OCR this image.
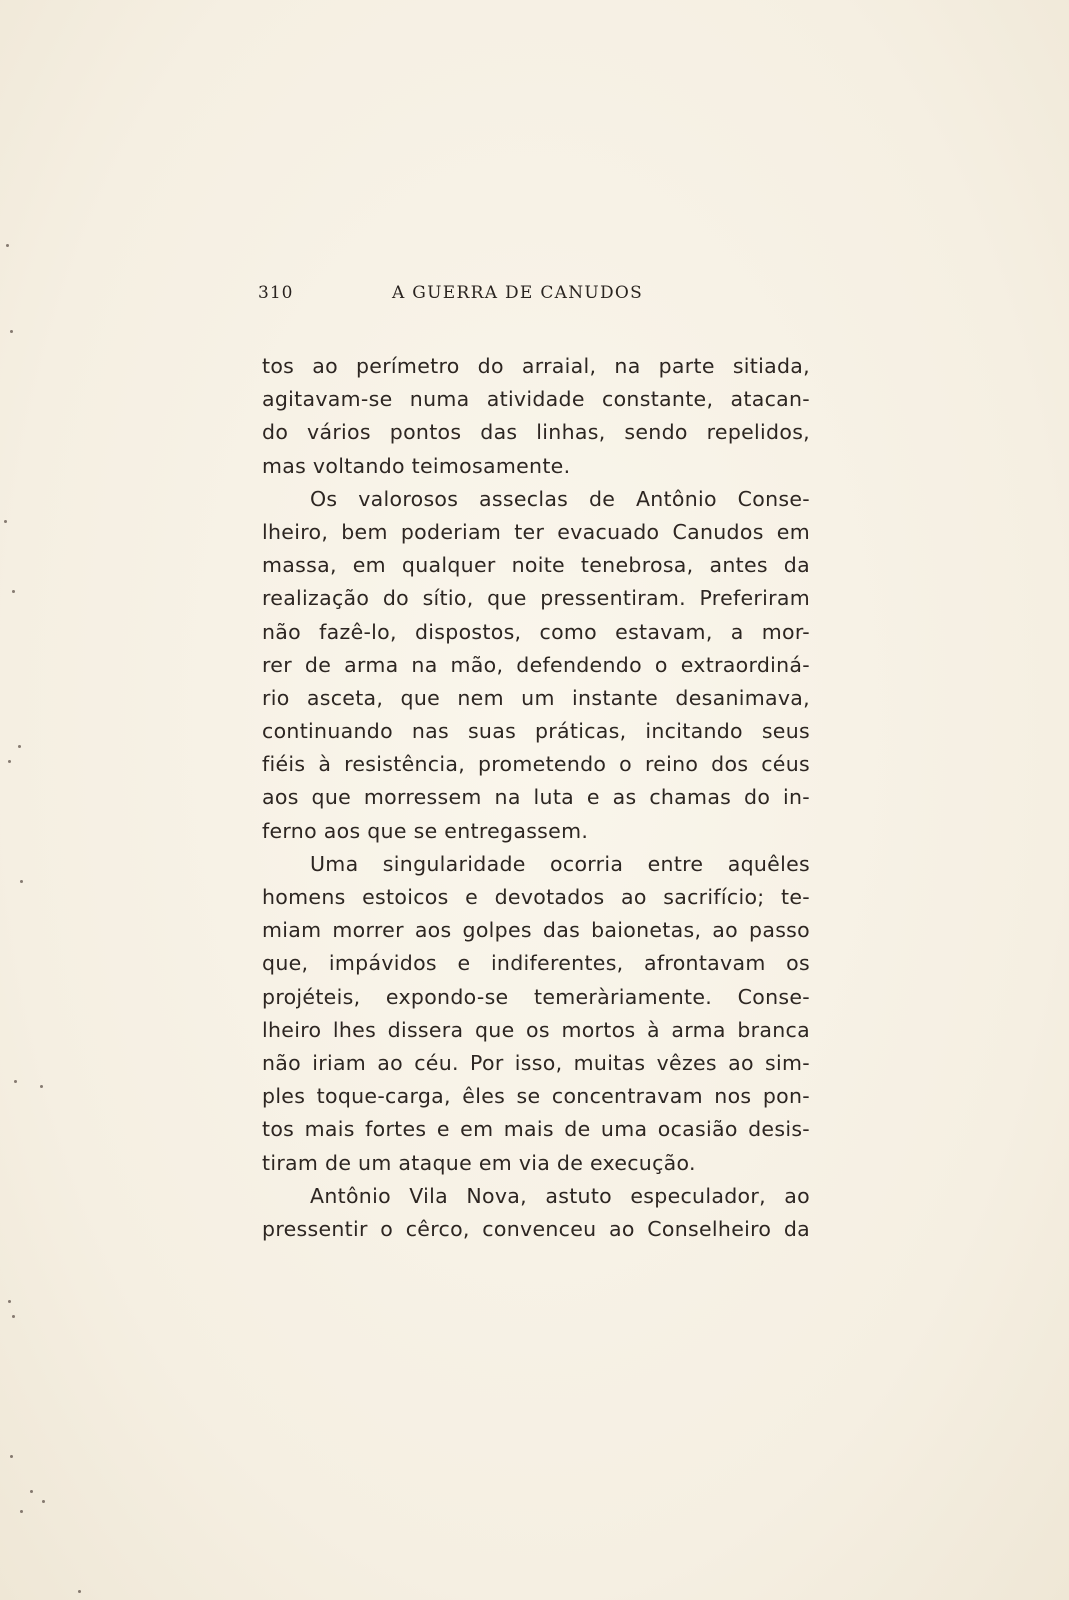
310	A GUERRA DE CANUDOS
tos ao perímetro do arraial, na parte sitiada,
agitavam-se numa atividade constante, atacan-
do vários pontos das linhas, sendo repelidos,
mas voltando teimosamente.
Os valorosos asseclas de Antônio Conse-
lheiro, bem poderiam ter evacuado Canudos em
massa, em qualquer noite tenebrosa, antes da
realização do sítio, que pressentiram. Preferiram
não fazê-lo, dispostos, como estavam, a mor-
rer de arma na mão, defendendo o extraordiná-
rio asceta, que nem um instante desanimava,
continuando nas suas práticas, incitando seus
fiéis à resistência, prometendo o reino dos céus
aos que morressem na luta e as chamas do in-
ferno aos que se entregassem.
Uma singularidade ocorria entre aquêles
homens estoicos e devotados ao sacrifício; te-
miam morrer aos golpes das baionetas, ao passo
que, impávidos e indiferentes, afrontavam os
projéteis, expondo-se temeràriamente. Conse-
lheiro lhes dissera que os mortos à arma branca
não iriam ao céu. Por isso, muitas vêzes ao sim-
ples toque-carga, êles se concentravam nos pon-
tos mais fortes e em mais de uma ocasião desis-
tiram de um ataque em via de execução.
Antônio Vila Nova, astuto especulador, ao
pressentir o cêrco, convenceu ao Conselheiro da
